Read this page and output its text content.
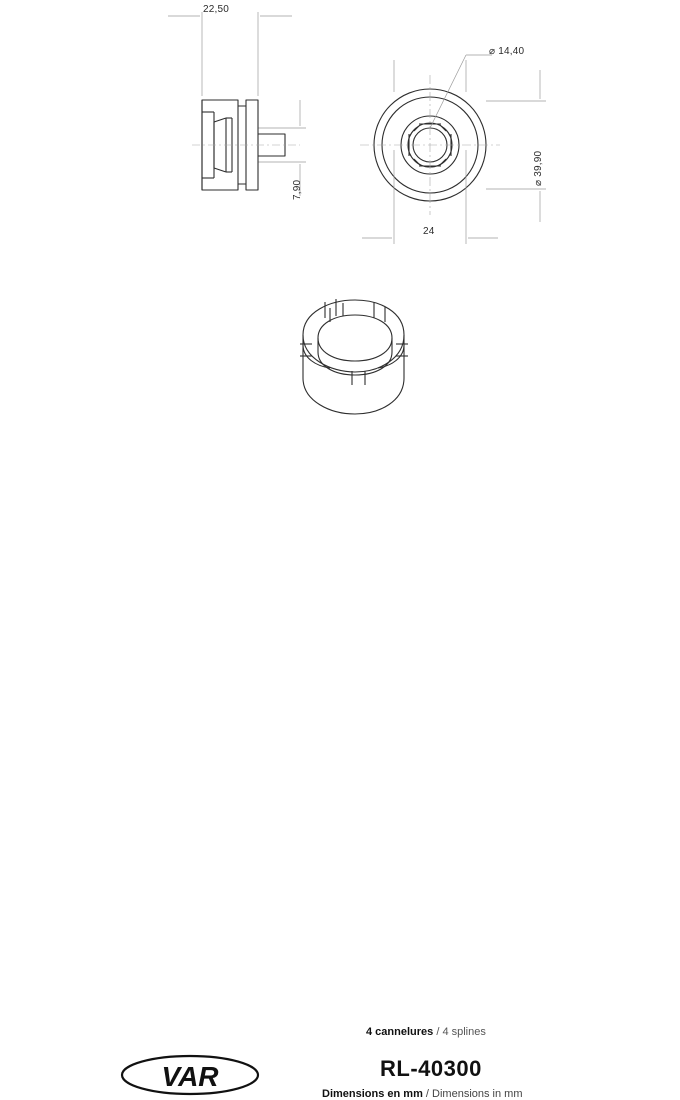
22,50
7,90
⌀ 14,40
⌀ 39,90
24
4 cannelures / 4 splines
RL-40300
Dimensions en mm / Dimensions in mm
VAR
